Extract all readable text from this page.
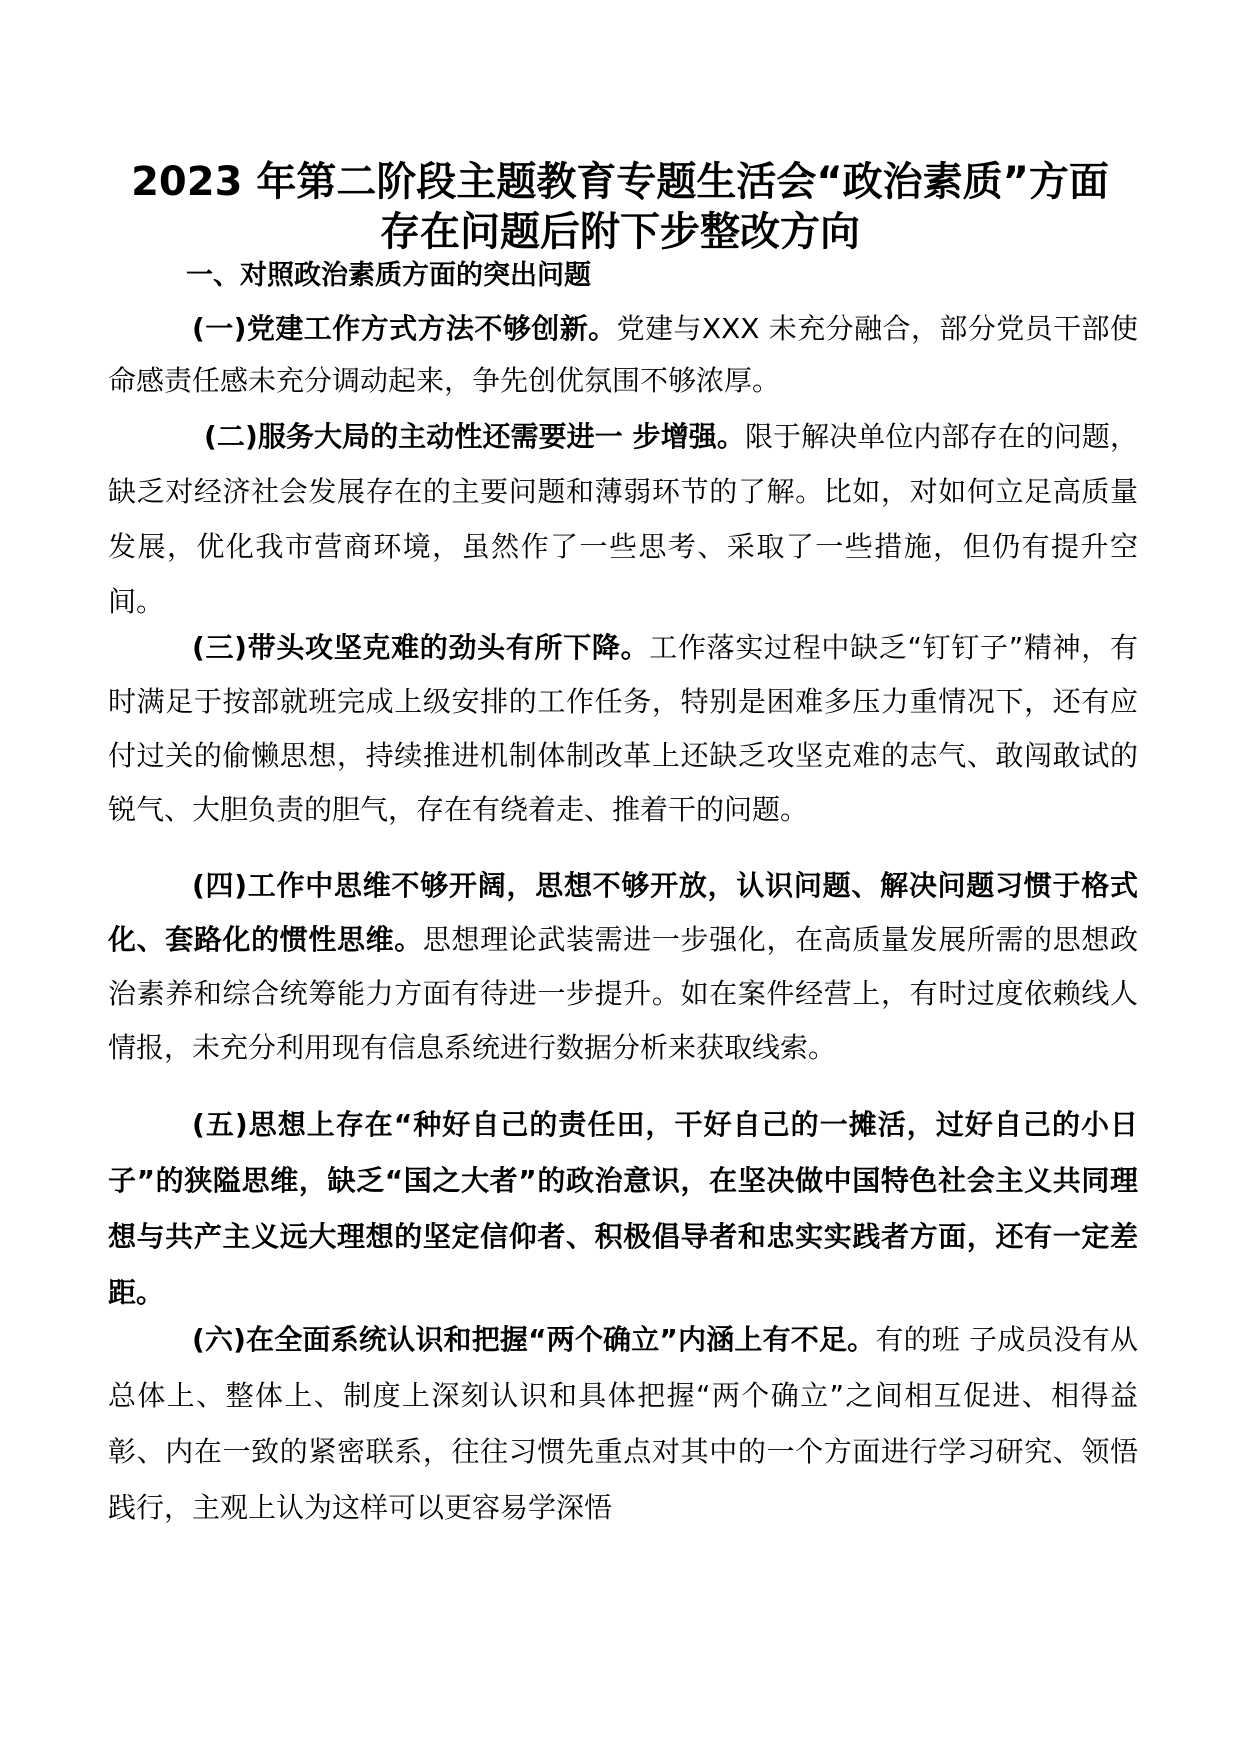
2023 年第二阶段主题教育专题生活会“政治素质”方面
存在问题后附下步整改方向
一、对照政治素质方面的突出问题

(一)党建工作方式方法不够创新。党建与XXX 未充分融合，部分党员干部使命感责任感未充分调动起来，争先创优氛围不够浓厚。

(二)服务大局的主动性还需要进一 步增强。限于解决单位内部存在的问题，缺乏对经济社会发展存在的主要问题和薄弱环节的了解。比如，对如何立足高质量发展，优化我市营商环境，虽然作了一些思考、采取了一些措施，但仍有提升空间。

(三)带头攻坚克难的劲头有所下降。工作落实过程中缺乏“钉钉子”精神，有时满足于按部就班完成上级安排的工作任务，特别是困难多压力重情况下，还有应付过关的偷懒思想，持续推进机制体制改革上还缺乏攻坚克难的志气、敢闯敢试的锐气、大胆负责的胆气，存在有绕着走、推着干的问题。

(四)工作中思维不够开阔，思想不够开放，认识问题、解决问题习惯于格式化、套路化的惯性思维。思想理论武装需进一步强化，在高质量发展所需的思想政治素养和综合统筹能力方面有待进一步提升。如在案件经营上，有时过度依赖线人情报，未充分利用现有信息系统进行数据分析来获取线索。

(五)思想上存在“种好自己的责任田，干好自己的一摊活，过好自己的小日子”的狭隘思维，缺乏“国之大者”的政治意识，在坚决做中国特色社会主义共同理想与共产主义远大理想的坚定信仰者、积极倡导者和忠实实践者方面，还有一定差距。

(六)在全面系统认识和把握“两个确立”内涵上有不足。有的班 子成员没有从总体上、整体上、制度上深刻认识和具体把握“两个确立”之间相互促进、相得益彰、内在一致的紧密联系，往往习惯先重点对其中的一个方面进行学习研究、领悟践行，主观上认为这样可以更容易学深悟
